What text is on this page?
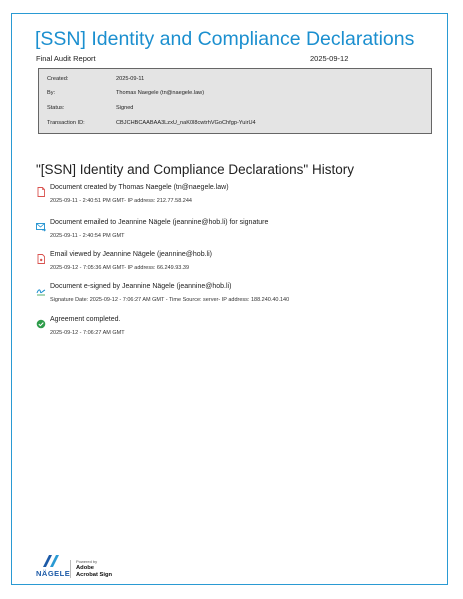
[SSN] Identity and Compliance Declarations
Final Audit Report	2025-09-12
Created:	2025-09-11
By:	Thomas Naegele (tn@naegele.law)
Status:	Signed
Transaction ID:	CBJCHBCAABAA3LzxU_naK0l8cwtrhVGoChfgp-YuirU4
"[SSN] Identity and Compliance Declarations" History
Document created by Thomas Naegele (tn@naegele.law)
2025-09-11 - 2:40:51 PM GMT- IP address: 212.77.58.244
Document emailed to Jeannine Nägele (jeannine@hob.li) for signature
2025-09-11 - 2:40:54 PM GMT
Email viewed by Jeannine Nägele (jeannine@hob.li)
2025-09-12 - 7:05:36 AM GMT- IP address: 66.249.93.39
Document e-signed by Jeannine Nägele (jeannine@hob.li)
Signature Date: 2025-09-12 - 7:06:27 AM GMT - Time Source: server- IP address: 188.240.40.140
Agreement completed.
2025-09-12 - 7:06:27 AM GMT
NÄGELE
Powered by
Adobe
Acrobat Sign
